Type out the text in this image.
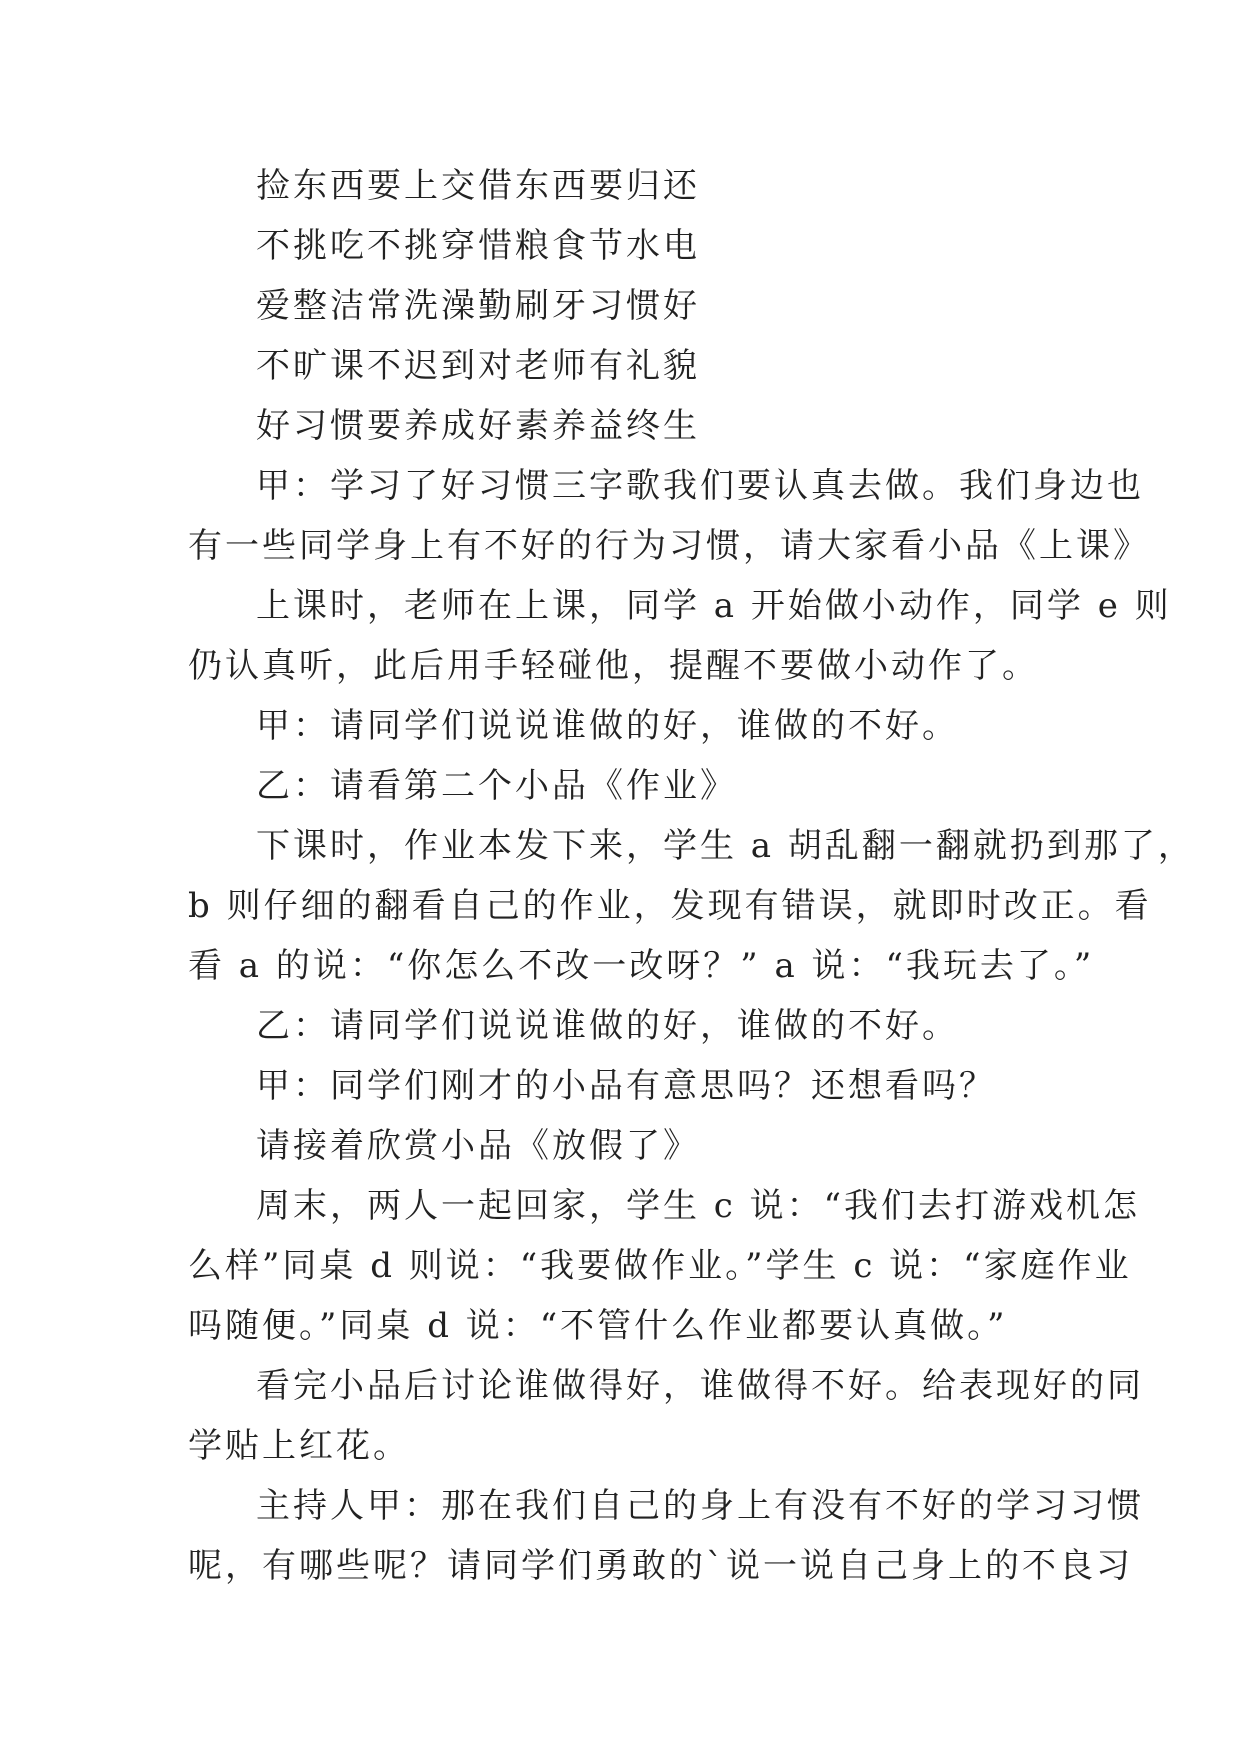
捡东西要上交借东西要归还
不挑吃不挑穿惜粮食节水电
爱整洁常洗澡勤刷牙习惯好
不旷课不迟到对老师有礼貌
好习惯要养成好素养益终生
甲：学习了好习惯三字歌我们要认真去做。我们身边也
有一些同学身上有不好的行为习惯，请大家看小品《上课》
上课时，老师在上课，同学 a 开始做小动作，同学 e 则
仍认真听，此后用手轻碰他，提醒不要做小动作了。
甲：请同学们说说谁做的好，谁做的不好。
乙：请看第二个小品《作业》
下课时，作业本发下来，学生 a 胡乱翻一翻就扔到那了，
b 则仔细的翻看自己的作业，发现有错误，就即时改正。看
看 a 的说：“你怎么不改一改呀？” a 说：“我玩去了。”
乙：请同学们说说谁做的好，谁做的不好。
甲：同学们刚才的小品有意思吗？还想看吗？
请接着欣赏小品《放假了》
周末，两人一起回家，学生 c 说：“我们去打游戏机怎
么样”同桌 d 则说：“我要做作业。”学生 c 说：“家庭作业
吗随便。”同桌 d 说：“不管什么作业都要认真做。”
看完小品后讨论谁做得好，谁做得不好。给表现好的同
学贴上红花。
主持人甲：那在我们自己的身上有没有不好的学习习惯
呢，有哪些呢？请同学们勇敢的`说一说自己身上的不良习
